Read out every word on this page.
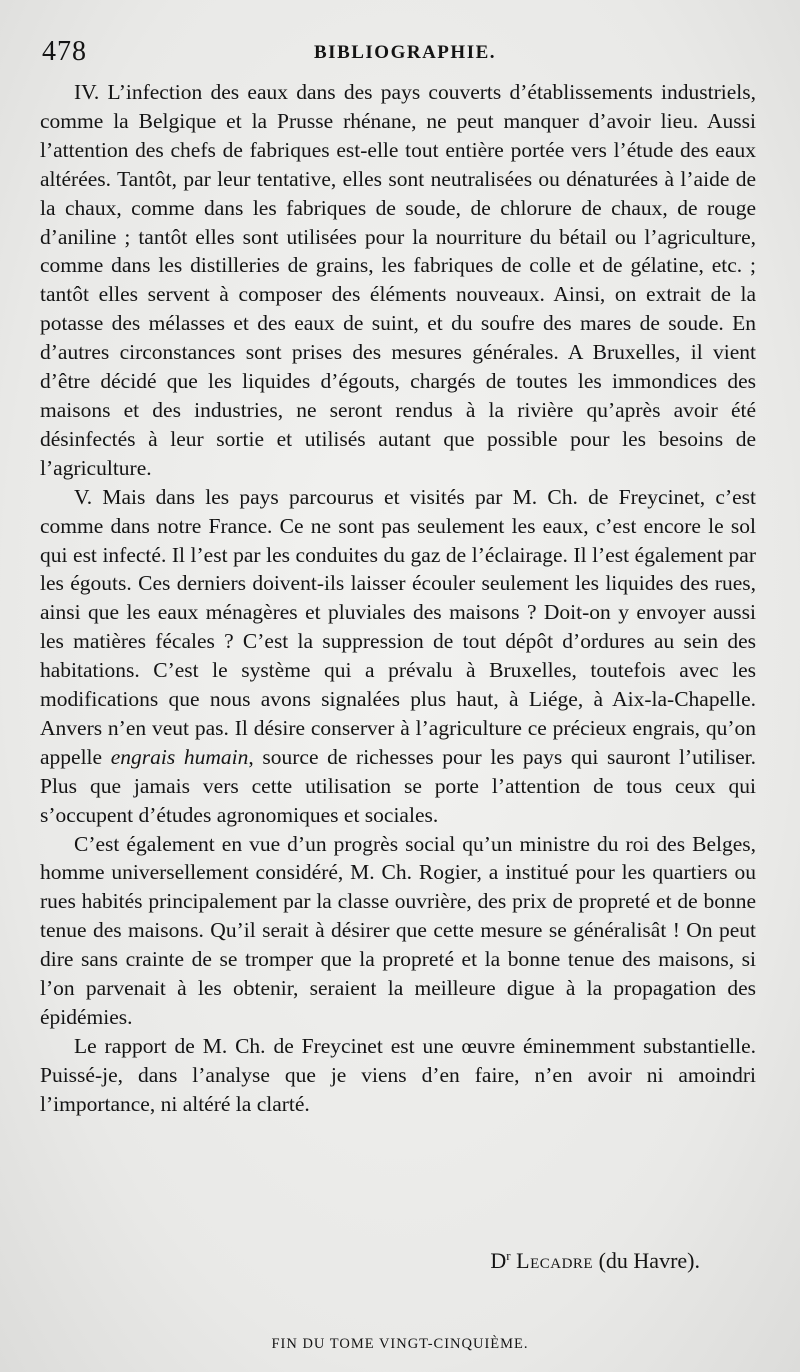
478	BIBLIOGRAPHIE.

IV. L’infection des eaux dans des pays couverts d’établissements industriels, comme la Belgique et la Prusse rhénane, ne peut manquer d’avoir lieu. Aussi l’attention des chefs de fabriques est-elle tout entière portée vers l’étude des eaux altérées. Tantôt, par leur tentative, elles sont neutralisées ou dénaturées à l’aide de la chaux, comme dans les fabriques de soude, de chlorure de chaux, de rouge d’aniline ; tantôt elles sont utilisées pour la nourriture du bétail ou l’agriculture, comme dans les distilleries de grains, les fabriques de colle et de gélatine, etc. ; tantôt elles servent à composer des éléments nouveaux. Ainsi, on extrait de la potasse des mélasses et des eaux de suint, et du soufre des mares de soude. En d’autres circonstances sont prises des mesures générales. A Bruxelles, il vient d’être décidé que les liquides d’égouts, chargés de toutes les immondices des maisons et des industries, ne seront rendus à la rivière qu’après avoir été désinfectés à leur sortie et utilisés autant que possible pour les besoins de l’agriculture.

V. Mais dans les pays parcourus et visités par M. Ch. de Freycinet, c’est comme dans notre France. Ce ne sont pas seulement les eaux, c’est encore le sol qui est infecté. Il l’est par les conduites du gaz de l’éclairage. Il l’est également par les égouts. Ces derniers doivent-ils laisser écouler seulement les liquides des rues, ainsi que les eaux ménagères et pluviales des maisons ? Doit-on y envoyer aussi les matières fécales ? C’est la suppression de tout dépôt d’ordures au sein des habitations. C’est le système qui a prévalu à Bruxelles, toutefois avec les modifications que nous avons signalées plus haut, à Liége, à Aix-la-Chapelle. Anvers n’en veut pas. Il désire conserver à l’agriculture ce précieux engrais, qu’on appelle engrais humain, source de richesses pour les pays qui sauront l’utiliser. Plus que jamais vers cette utilisation se porte l’attention de tous ceux qui s’occupent d’études agronomiques et sociales.

C’est également en vue d’un progrès social qu’un ministre du roi des Belges, homme universellement considéré, M. Ch. Rogier, a institué pour les quartiers ou rues habités principalement par la classe ouvrière, des prix de propreté et de bonne tenue des maisons. Qu’il serait à désirer que cette mesure se généralisât ! On peut dire sans crainte de se tromper que la propreté et la bonne tenue des maisons, si l’on parvenait à les obtenir, seraient la meilleure digue à la propagation des épidémies.

Le rapport de M. Ch. de Freycinet est une œuvre éminemment substantielle. Puissé-je, dans l’analyse que je viens d’en faire, n’en avoir ni amoindri l’importance, ni altéré la clarté.

$D^r$ Lecadre (du Havre).
FIN DU TOME VINGT-CINQUIÈME.
